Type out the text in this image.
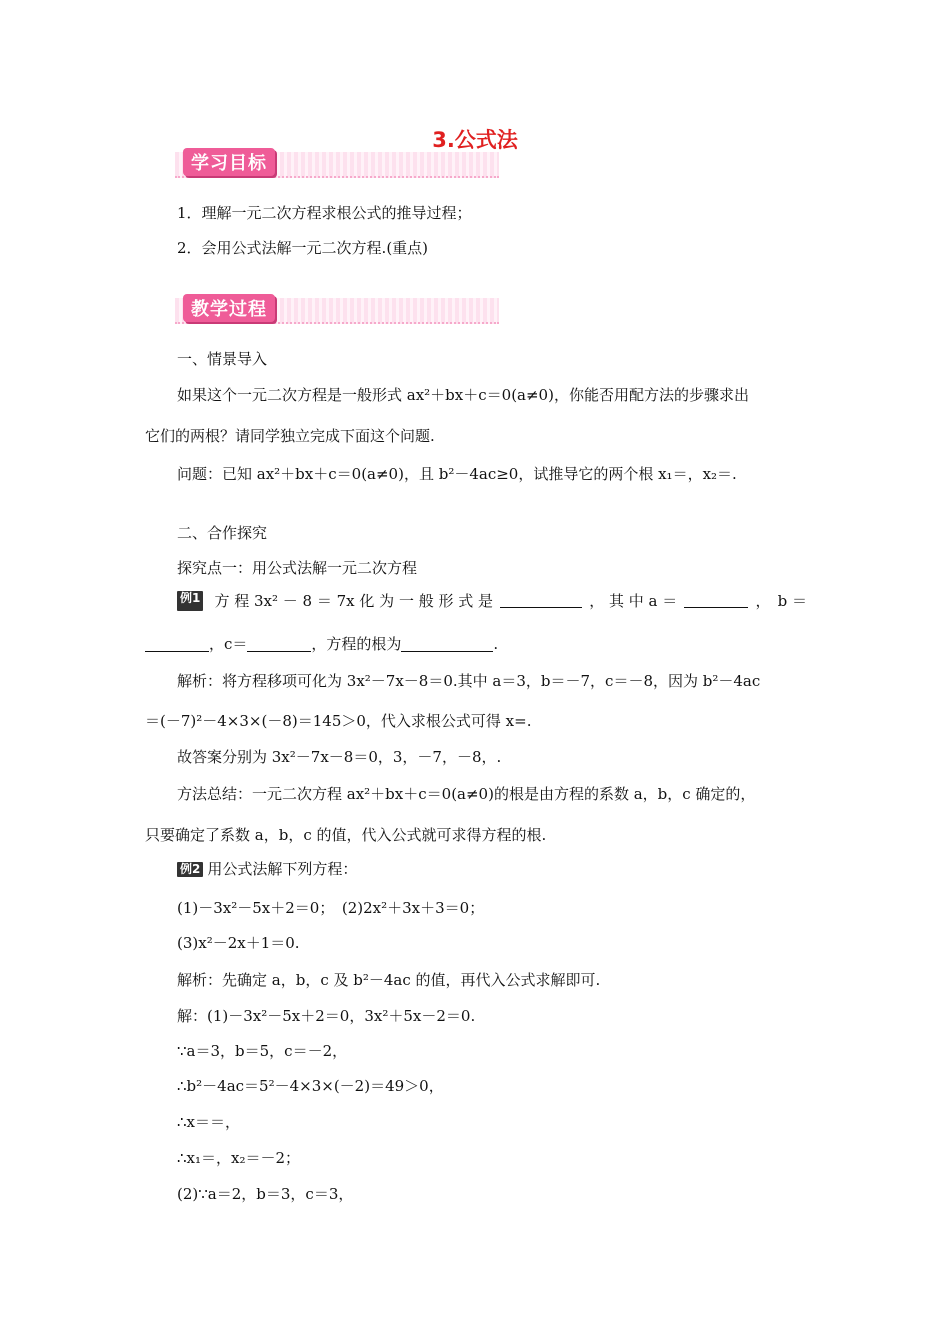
3.公式法
学习目标
1．理解一元二次方程求根公式的推导过程；
2．会用公式法解一元二次方程.(重点)
教学过程
一、情景导入
如果这个一元二次方程是一般形式 ax²＋bx＋c＝0(a≠0)，你能否用配方法的步骤求出
它们的两根？请同学独立完成下面这个问题.
问题：已知 ax²＋bx＋c＝0(a≠0)，且 b²－4ac≥0，试推导它的两个根 x₁＝，x₂＝.
二、合作探究
探究点一：用公式法解一元二次方程
例1 方 程 3x² － 8 ＝ 7x 化 为 一 般 形 式 是	， 其 中 a ＝	， b ＝
，c＝	，方程的根为	.
解析：将方程移项可化为 3x²－7x－8＝0.其中 a＝3，b＝－7，c＝－8，因为 b²－4ac
＝(－7)²－4×3×(－8)＝145＞0，代入求根公式可得 x=.
故答案分别为 3x²－7x－8＝0，3，－7，－8，.
方法总结：一元二次方程 ax²＋bx＋c＝0(a≠0)的根是由方程的系数 a，b，c 确定的，
只要确定了系数 a，b，c 的值，代入公式就可求得方程的根.
例2 用公式法解下列方程：
(1)－3x²－5x＋2＝0；　(2)2x²＋3x＋3＝0；
(3)x²－2x＋1＝0.
解析：先确定 a，b，c 及 b²－4ac 的值，再代入公式求解即可.
解：(1)－3x²－5x＋2＝0，3x²＋5x－2＝0.
∵a＝3，b＝5，c＝－2，
∴b²－4ac＝5²－4×3×(－2)＝49＞0，
∴x＝＝，
∴x₁＝，x₂＝－2；
(2)∵a＝2，b＝3，c＝3，
